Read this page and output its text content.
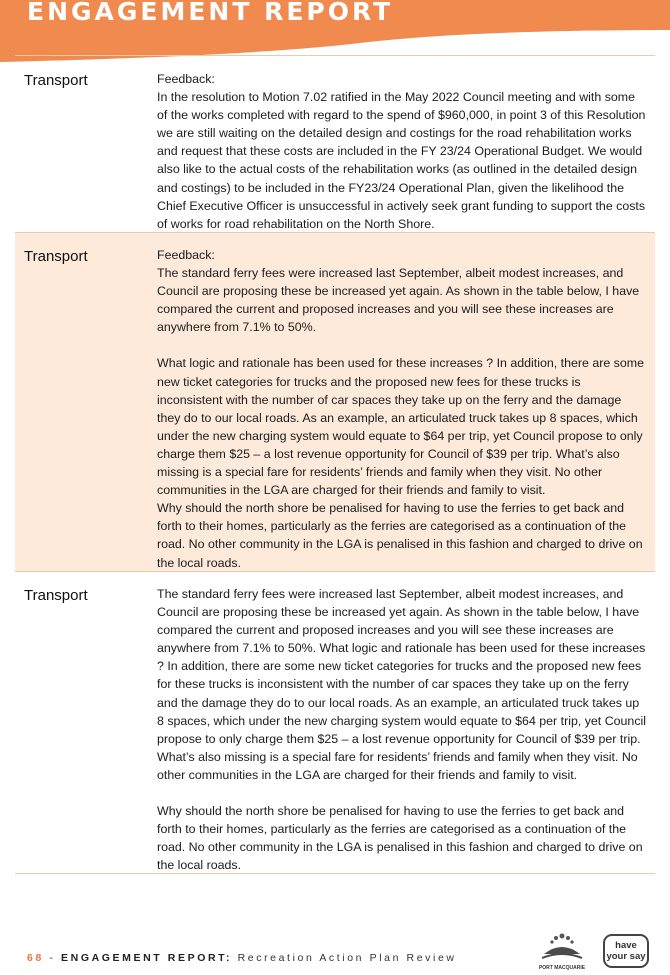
ENGAGEMENT REPORT
Transport	Feedback:

In the resolution to Motion 7.02 ratified in the May 2022 Council meeting and with some of the works completed with regard to the spend of $960,000, in point 3 of this Resolution we are still waiting on the detailed design and costings for the road rehabilitation works and request that these costs are included in the FY 23/24 Operational Budget. We would also like to the actual costs of the rehabilitation works (as outlined in the detailed design and costings) to be included in the FY23/24 Operational Plan, given the likelihood the Chief Executive Officer is unsuccessful in actively seek grant funding to support the costs of works for road rehabilitation on the North Shore.

Transport	Feedback:

The standard ferry fees were increased last September, albeit modest increases, and Council are proposing these be increased yet again. As shown in the table below, I have compared the current and proposed increases and you will see these increases are anywhere from 7.1% to 50%.

What logic and rationale has been used for these increases ? In addition, there are some new ticket categories for trucks and the proposed new fees for these trucks is inconsistent with the number of car spaces they take up on the ferry and the damage they do to our local roads. As an example, an articulated truck takes up 8 spaces, which under the new charging system would equate to $64 per trip, yet Council propose to only charge them $25 – a lost revenue opportunity for Council of $39 per trip. What’s also missing is a special fare for residents’ friends and family when they visit. No other communities in the LGA are charged for their friends and family to visit.

Why should the north shore be penalised for having to use the ferries to get back and forth to their homes, particularly as the ferries are categorised as a continuation of the road. No other community in the LGA is penalised in this fashion and charged to drive on the local roads.

Transport	The standard ferry fees were increased last September, albeit modest increases, and Council are proposing these be increased yet again. As shown in the table below, I have compared the current and proposed increases and you will see these increases are anywhere from 7.1% to 50%. What logic and rationale has been used for these increases ? In addition, there are some new ticket categories for trucks and the proposed new fees for these trucks is inconsistent with the number of car spaces they take up on the ferry and the damage they do to our local roads. As an example, an articulated truck takes up 8 spaces, which under the new charging system would equate to $64 per trip, yet Council propose to only charge them $25 – a lost revenue opportunity for Council of $39 per trip. What’s also missing is a special fare for residents’ friends and family when they visit. No other communities in the LGA are charged for their friends and family to visit.

Why should the north shore be penalised for having to use the ferries to get back and forth to their homes, particularly as the ferries are categorised as a continuation of the road. No other community in the LGA is penalised in this fashion and charged to drive on the local roads.

68 - ENGAGEMENT REPORT: Recreation Action Plan Review
PORT MACQUARIE
have
your say
